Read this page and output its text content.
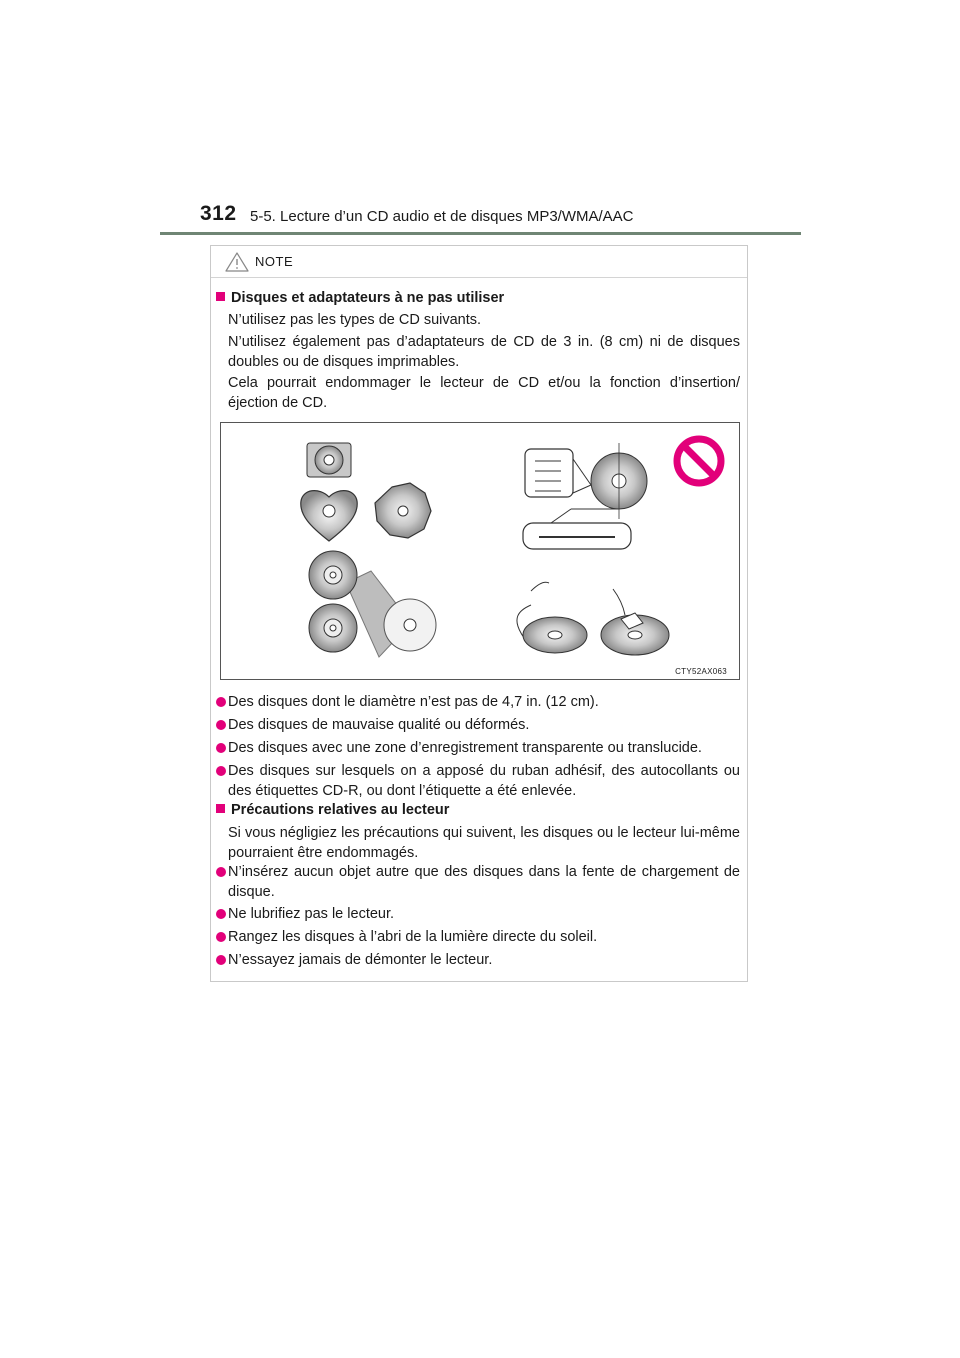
312 5-5. Lecture d’un CD audio et de disques MP3/WMA/AAC
NOTE
Disques et adaptateurs à ne pas utiliser

N’utilisez pas les types de CD suivants.

N’utilisez également pas d’adaptateurs de CD de 3 in. (8 cm) ni de disques doubles ou de disques imprimables.

Cela pourrait endommager le lecteur de CD et/ou la fonction d’insertion/ éjection de CD.

CTY52AX063
Des disques dont le diamètre n’est pas de 4,7 in. (12 cm).
Des disques de mauvaise qualité ou déformés.
Des disques avec une zone d’enregistrement transparente ou translucide.
Des disques sur lesquels on a apposé du ruban adhésif, des autocollants ou des étiquettes CD-R, ou dont l’étiquette a été enlevée.
Précautions relatives au lecteur

Si vous négligiez les précautions qui suivent, les disques ou le lecteur lui-même pourraient être endommagés.

N’insérez aucun objet autre que des disques dans la fente de chargement de disque.
Ne lubrifiez pas le lecteur.
Rangez les disques à l’abri de la lumière directe du soleil.
N’essayez jamais de démonter le lecteur.
